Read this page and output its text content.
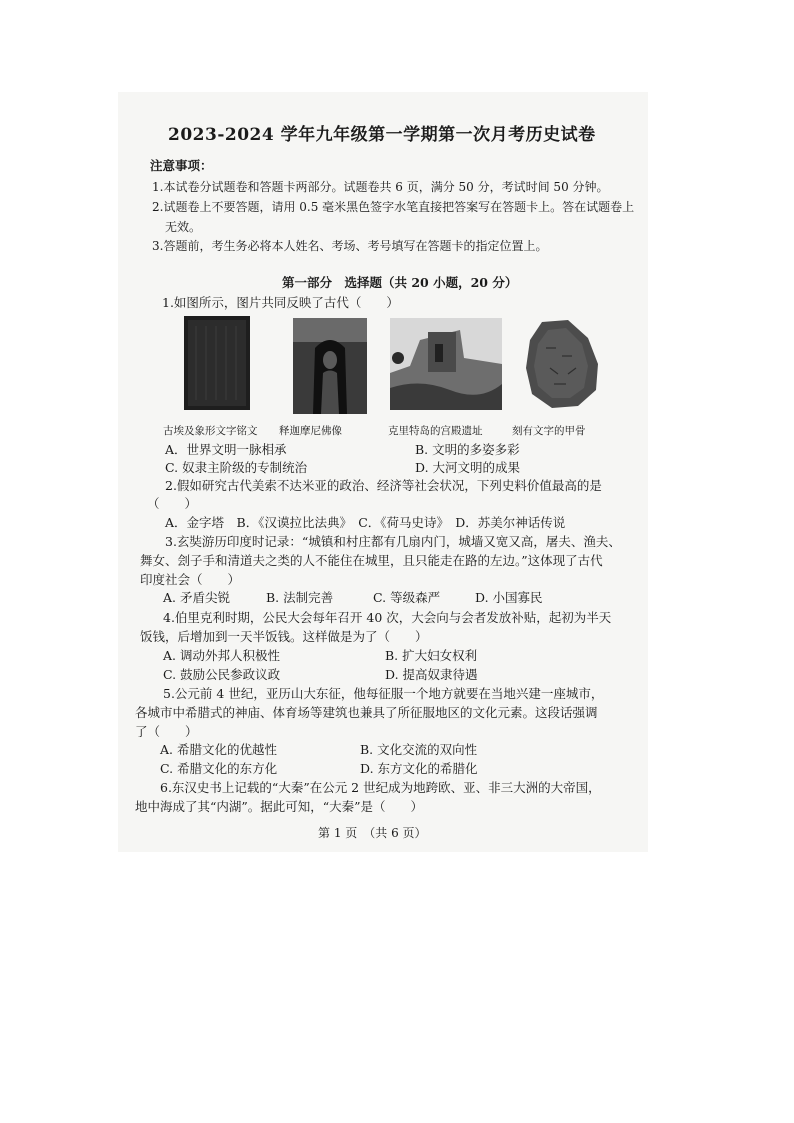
2023-2024 学年九年级第一学期第一次月考历史试卷
注意事项：
1.本试卷分试题卷和答题卡两部分。试题卷共 6 页，满分 50 分，考试时间 50 分钟。
2.试题卷上不要答题，请用 0.5 毫米黑色签字水笔直接把答案写在答题卡上。答在试题卷上
无效。
3.答题前，考生务必将本人姓名、考场、考号填写在答题卡的指定位置上。
第一部分　选择题（共 20 小题，20 分）
1.如图所示，图片共同反映了古代（　　）
古埃及象形文字铭文 释迦摩尼佛像	克里特岛的宫殿遗址	刻有文字的甲骨
A．世界文明一脉相承	B. 文明的多姿多彩
C. 奴隶主阶级的专制统治	D. 大河文明的成果
2.假如研究古代美索不达米亚的政治、经济等社会状况，下列史料价值最高的是
（　　）
A．金字塔　B．《汉谟拉比法典》　C．《荷马史诗》　D．苏美尔神话传说
3.玄奘游历印度时记录：“城镇和村庄都有几扇内门，城墙又宽又高，屠夫、渔夫、
舞女、刽子手和清道夫之类的人不能住在城里，且只能走在路的左边。”这体现了古代
印度社会（　　）
A. 矛盾尖锐	B. 法制完善	C. 等级森严	D. 小国寡民
4.伯里克利时期，公民大会每年召开 40 次，大会向与会者发放补贴，起初为半天
饭钱，后增加到一天半饭钱。这样做是为了（　　）
A. 调动外邦人积极性	B. 扩大妇女权利
C. 鼓励公民参政议政	D. 提高奴隶待遇
5.公元前 4 世纪，亚历山大东征，他每征服一个地方就要在当地兴建一座城市，
各城市中希腊式的神庙、体育场等建筑也兼具了所征服地区的文化元素。这段话强调
了（　　）
A. 希腊文化的优越性	B. 文化交流的双向性
C. 希腊文化的东方化	D. 东方文化的希腊化
6.东汉史书上记载的“大秦”在公元 2 世纪成为地跨欧、亚、非三大洲的大帝国，
地中海成了其“内湖”。据此可知，“大秦”是（　　）
第 1 页　（共 6 页）
